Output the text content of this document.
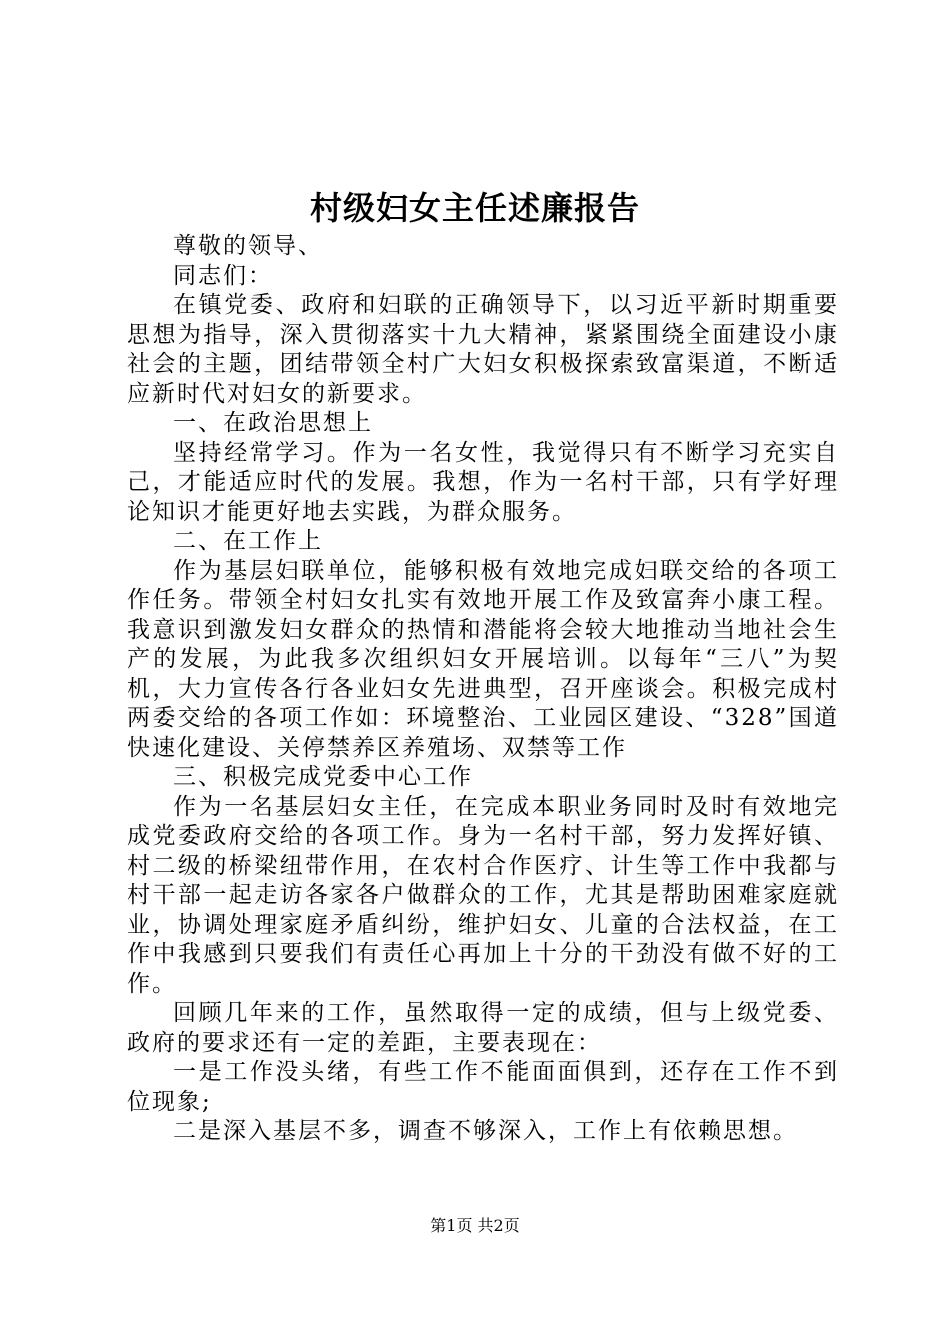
村级妇女主任述廉报告

尊敬的领导、

同志们：

在镇党委、政府和妇联的正确领导下，以习近平新时期重要思想为指导，深入贯彻落实十九大精神，紧紧围绕全面建设小康社会的主题，团结带领全村广大妇女积极探索致富渠道，不断适应新时代对妇女的新要求。

一、在政治思想上

坚持经常学习。作为一名女性，我觉得只有不断学习充实自己，才能适应时代的发展。我想，作为一名村干部，只有学好理论知识才能更好地去实践，为群众服务。

二、在工作上

作为基层妇联单位，能够积极有效地完成妇联交给的各项工作任务。带领全村妇女扎实有效地开展工作及致富奔小康工程。我意识到激发妇女群众的热情和潜能将会较大地推动当地社会生产的发展，为此我多次组织妇女开展培训。以每年“三八”为契机，大力宣传各行各业妇女先进典型，召开座谈会。积极完成村两委交给的各项工作如：环境整治、工业园区建设、“328”国道快速化建设、关停禁养区养殖场、双禁等工作

三、积极完成党委中心工作

作为一名基层妇女主任，在完成本职业务同时及时有效地完成党委政府交给的各项工作。身为一名村干部，努力发挥好镇、村二级的桥梁纽带作用，在农村合作医疗、计生等工作中我都与村干部一起走访各家各户做群众的工作，尤其是帮助困难家庭就业，协调处理家庭矛盾纠纷，维护妇女、儿童的合法权益，在工作中我感到只要我们有责任心再加上十分的干劲没有做不好的工作。

回顾几年来的工作，虽然取得一定的成绩，但与上级党委、政府的要求还有一定的差距，主要表现在：

一是工作没头绪，有些工作不能面面俱到，还存在工作不到位现象;

二是深入基层不多，调查不够深入，工作上有依赖思想。

第1页 共2页
